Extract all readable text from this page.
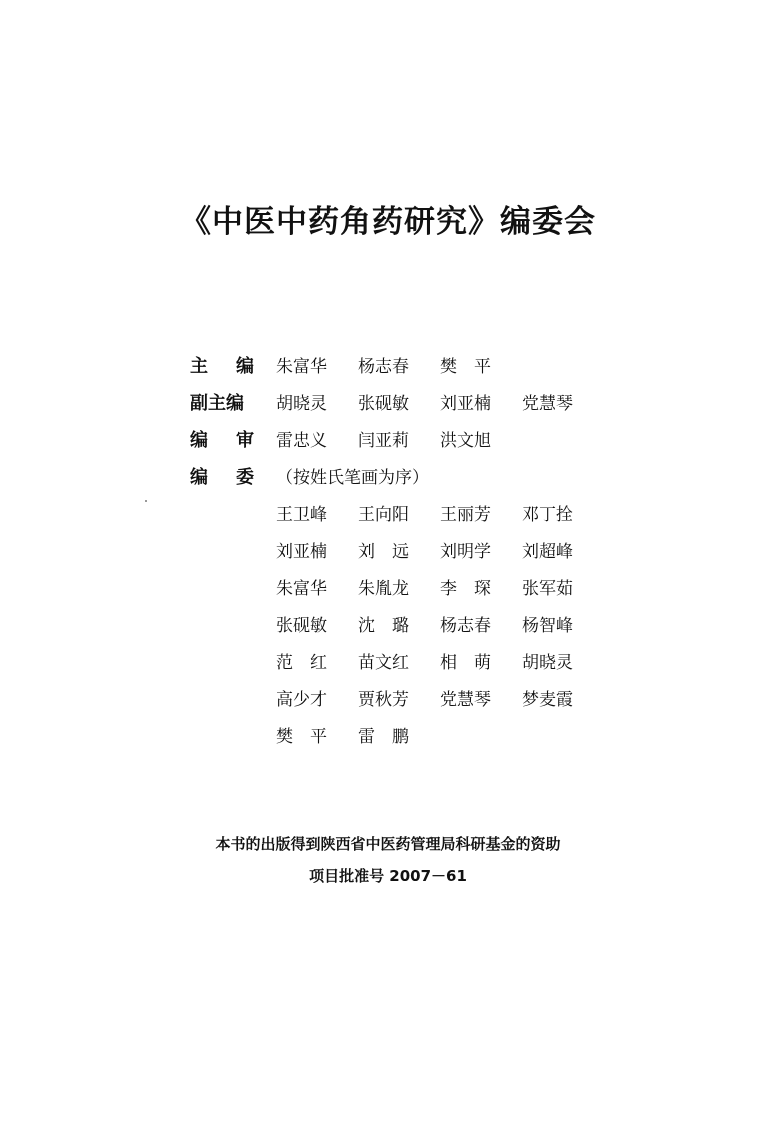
《中医中药角药研究》编委会
主 编 朱富华	杨志春	樊　平
副主编	胡晓灵	张砚敏	刘亚楠	党慧琴
编 审 雷忠义	闫亚莉	洪文旭
编 委 （按姓氏笔画为序）
王卫峰	王向阳	王丽芳	邓丁拴
刘亚楠	刘　远	刘明学	刘超峰
朱富华	朱胤龙	李　琛	张军茹
张砚敏	沈　璐	杨志春	杨智峰
范　红	苗文红	相　萌	胡晓灵
高少才	贾秋芳	党慧琴	梦麦霞
樊　平	雷　鹏
本书的出版得到陕西省中医药管理局科研基金的资助
项目批准号 2007－61
